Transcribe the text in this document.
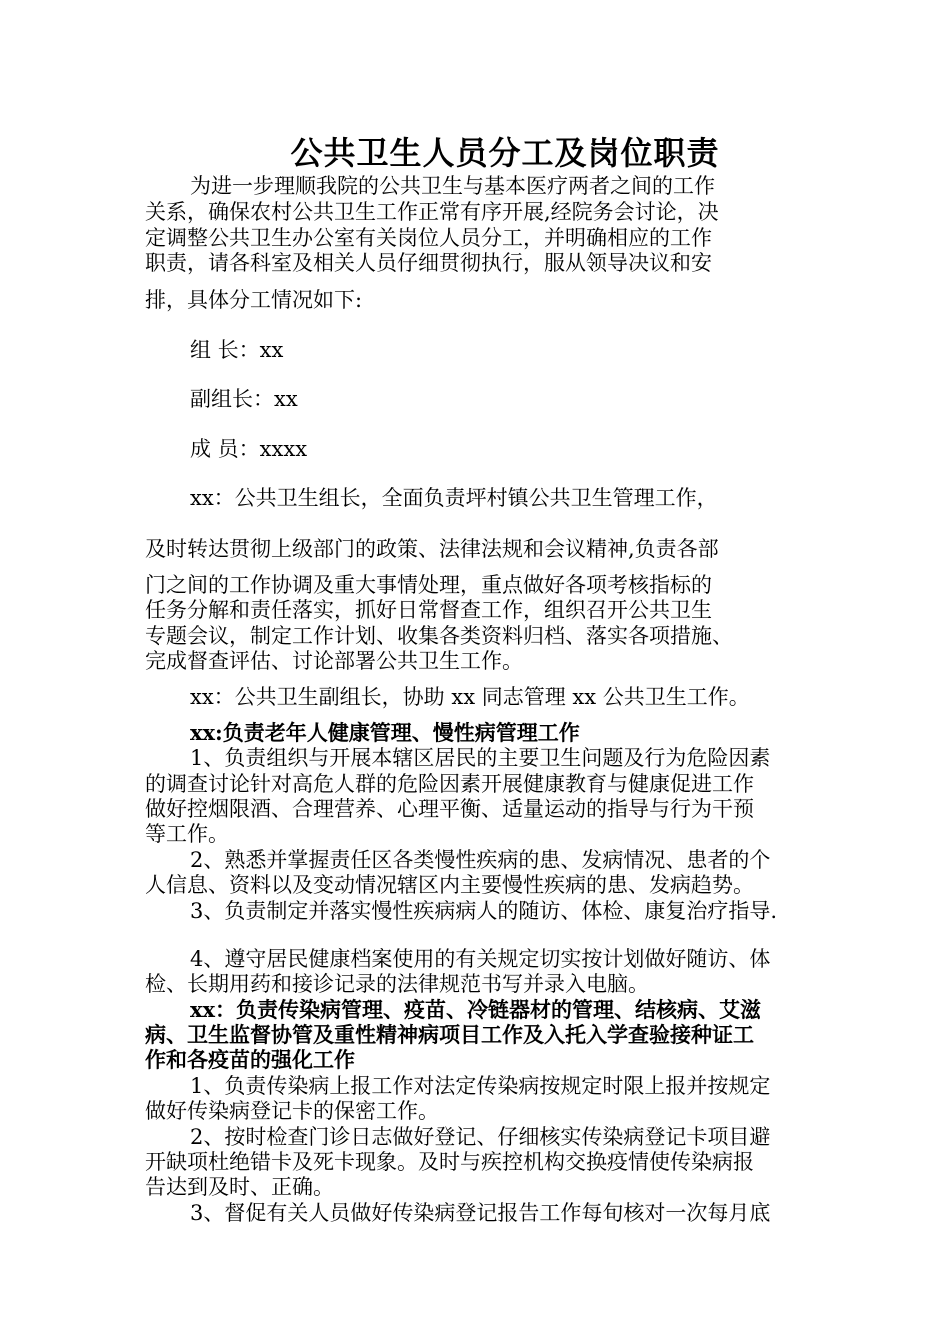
公共卫生人员分工及岗位职责
为进一步理顺我院的公共卫生与基本医疗两者之间的工作
关系，确保农村公共卫生工作正常有序开展,经院务会讨论，决
定调整公共卫生办公室有关岗位人员分工，并明确相应的工作
职责，请各科室及相关人员仔细贯彻执行，服从领导决议和安
排，具体分工情况如下:
组 长：xx
副组长：xx
成 员：xxxx
xx：公共卫生组长，全面负责坪村镇公共卫生管理工作，
及时转达贯彻上级部门的政策、法律法规和会议精神,负责各部
门之间的工作协调及重大事情处理，重点做好各项考核指标的
任务分解和责任落实，抓好日常督查工作，组织召开公共卫生
专题会议，制定工作计划、收集各类资料归档、落实各项措施、
完成督查评估、讨论部署公共卫生工作。
xx：公共卫生副组长，协助 xx 同志管理 xx 公共卫生工作。
xx:负责老年人健康管理、慢性病管理工作
1、负责组织与开展本辖区居民的主要卫生问题及行为危险因素
的调查讨论针对高危人群的危险因素开展健康教育与健康促进工作
做好控烟限酒、合理营养、心理平衡、适量运动的指导与行为干预
等工作。
2、熟悉并掌握责任区各类慢性疾病的患、发病情况、患者的个
人信息、资料以及变动情况辖区内主要慢性疾病的患、发病趋势。
3、负责制定并落实慢性疾病病人的随访、体检、康复治疗指导.
4、遵守居民健康档案使用的有关规定切实按计划做好随访、体
检、长期用药和接诊记录的法律规范书写并录入电脑。
xx：负责传染病管理、疫苗、冷链器材的管理、结核病、艾滋
病、卫生监督协管及重性精神病项目工作及入托入学查验接种证工
作和各疫苗的强化工作
1、负责传染病上报工作对法定传染病按规定时限上报并按规定
做好传染病登记卡的保密工作。
2、按时检查门诊日志做好登记、仔细核实传染病登记卡项目避
开缺项杜绝错卡及死卡现象。及时与疾控机构交换疫情使传染病报
告达到及时、正确。
3、督促有关人员做好传染病登记报告工作每旬核对一次每月底
